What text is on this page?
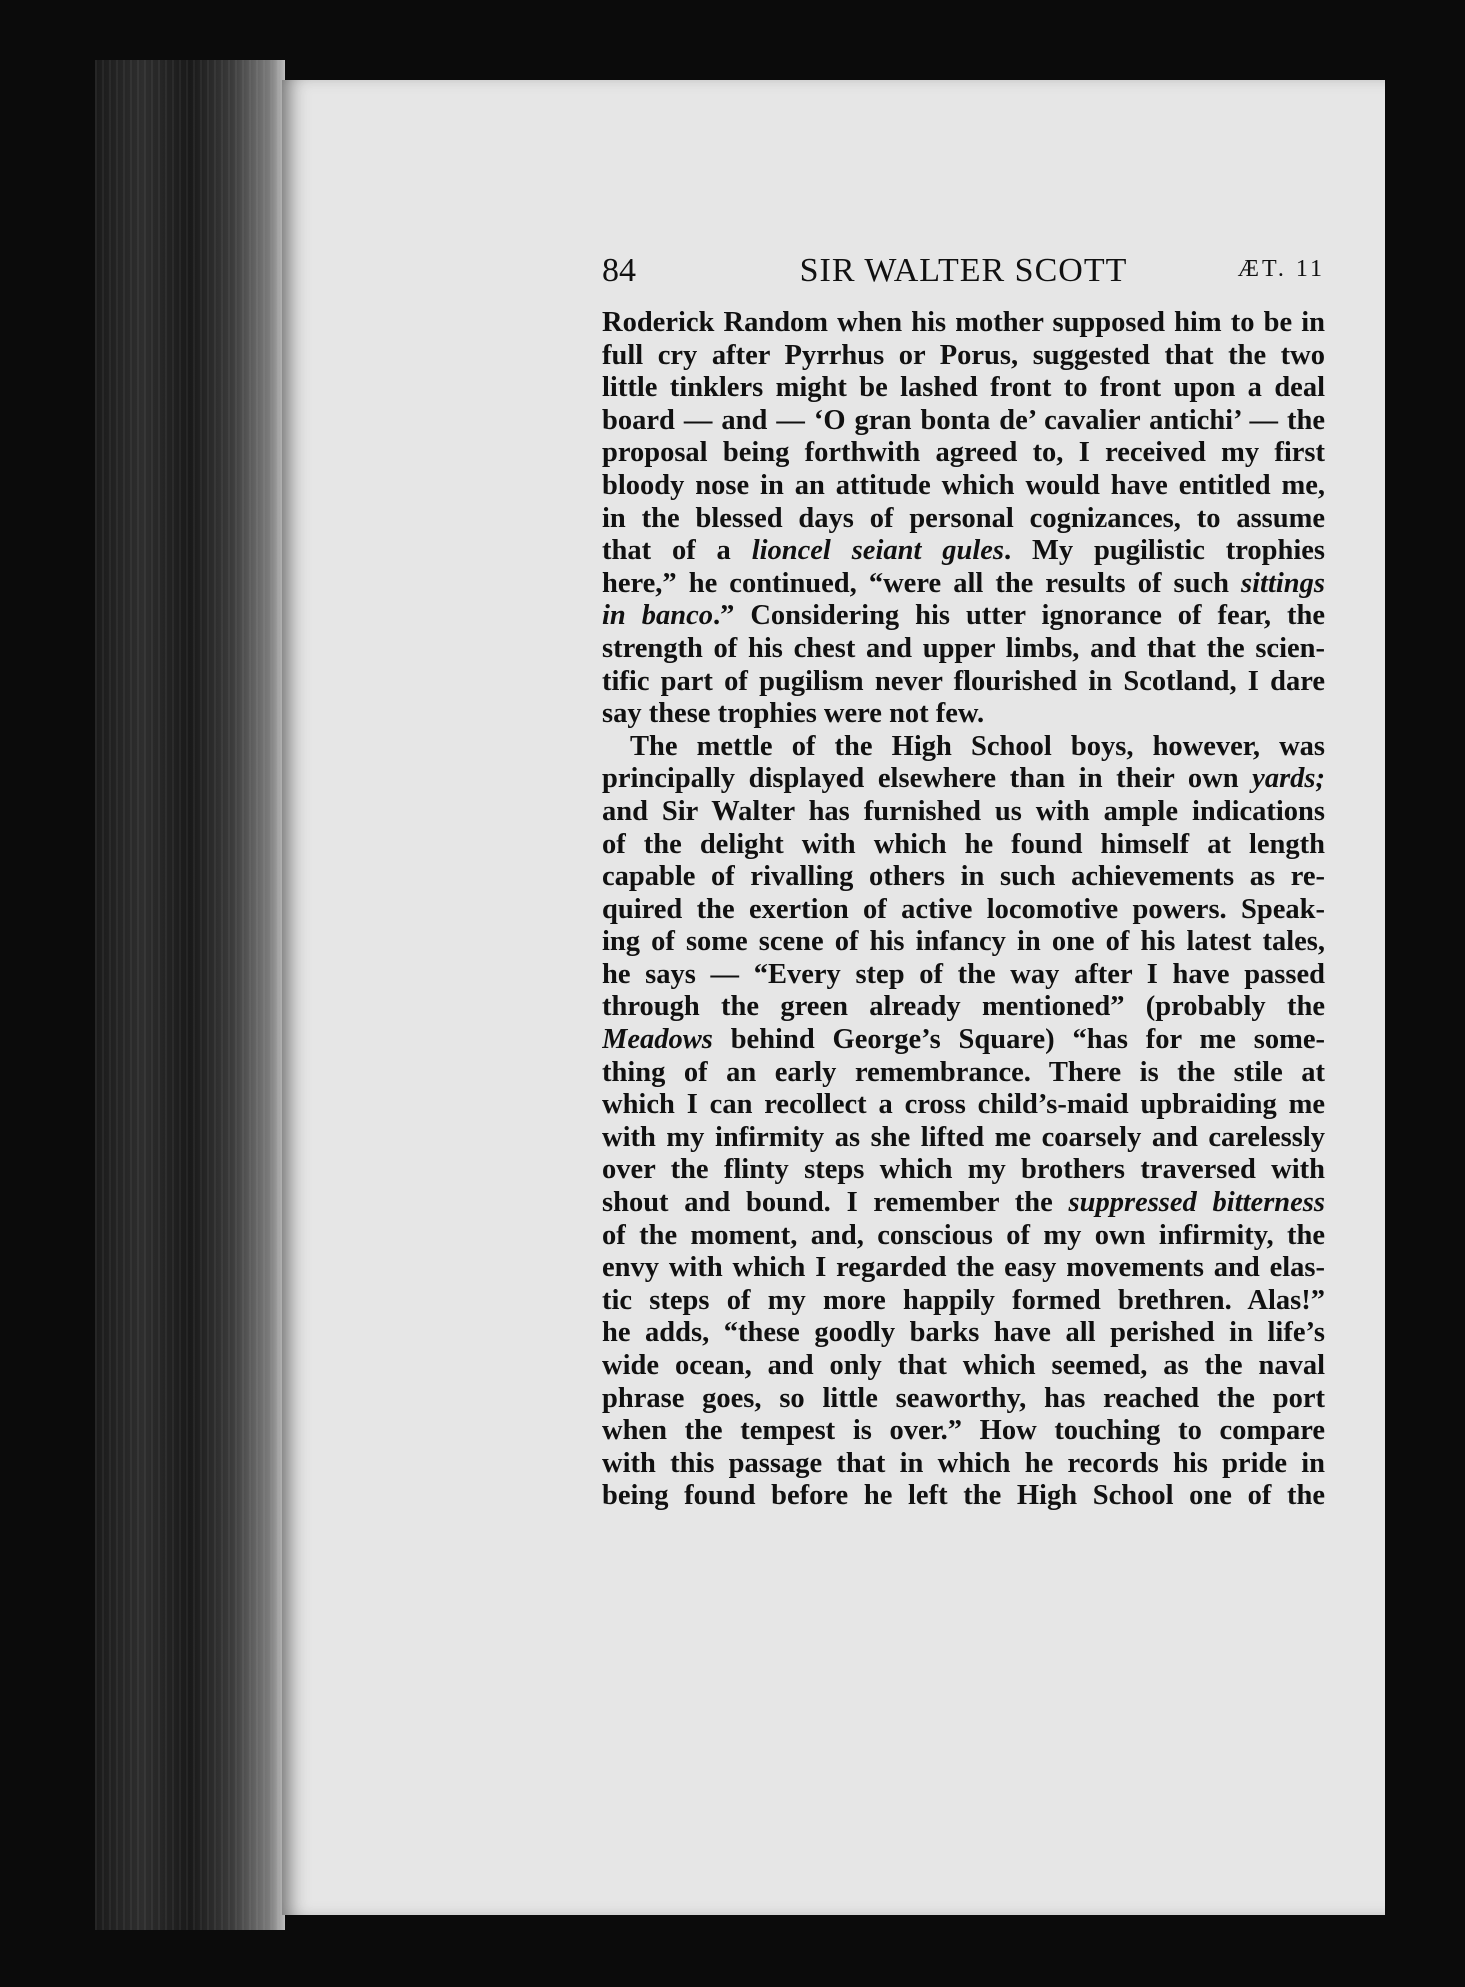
84	SIR WALTER SCOTT	ÆT. 11
Roderick Random when his mother supposed him to be in
full cry after Pyrrhus or Porus, suggested that the two
little tinklers might be lashed front to front upon a deal
board — and — ‘O gran bonta de’ cavalier antichi’ — the
proposal being forthwith agreed to, I received my first
bloody nose in an attitude which would have entitled me,
in the blessed days of personal cognizances, to assume
that of a lioncel seiant gules. My pugilistic trophies
here,” he continued, “were all the results of such sittings
in banco.” Considering his utter ignorance of fear, the
strength of his chest and upper limbs, and that the scien-
tific part of pugilism never flourished in Scotland, I dare
say these trophies were not few.
The mettle of the High School boys, however, was
principally displayed elsewhere than in their own yards;
and Sir Walter has furnished us with ample indications
of the delight with which he found himself at length
capable of rivalling others in such achievements as re-
quired the exertion of active locomotive powers. Speak-
ing of some scene of his infancy in one of his latest tales,
he says — “Every step of the way after I have passed
through the green already mentioned” (probably the
Meadows behind George’s Square) “has for me some-
thing of an early remembrance. There is the stile at
which I can recollect a cross child’s-maid upbraiding me
with my infirmity as she lifted me coarsely and carelessly
over the flinty steps which my brothers traversed with
shout and bound. I remember the suppressed bitterness
of the moment, and, conscious of my own infirmity, the
envy with which I regarded the easy movements and elas-
tic steps of my more happily formed brethren. Alas!”
he adds, “these goodly barks have all perished in life’s
wide ocean, and only that which seemed, as the naval
phrase goes, so little seaworthy, has reached the port
when the tempest is over.” How touching to compare
with this passage that in which he records his pride in
being found before he left the High School one of the
